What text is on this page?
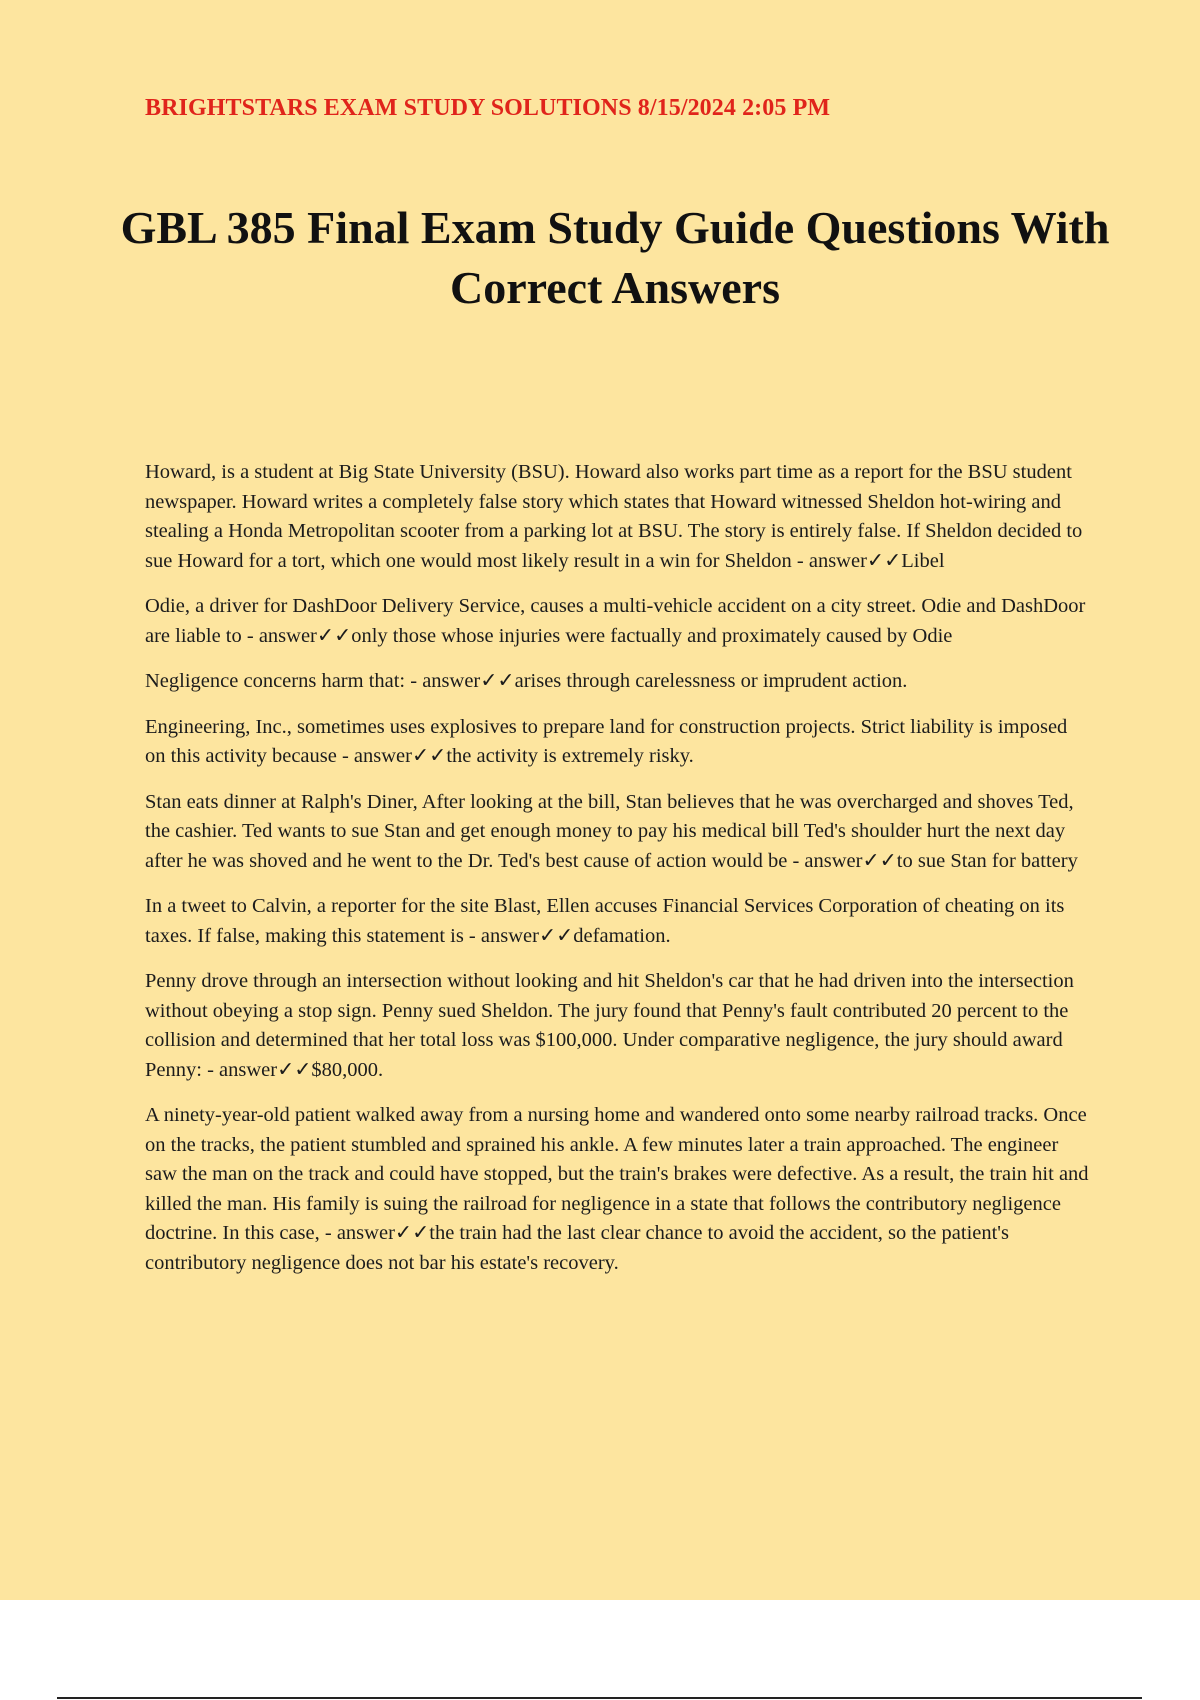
BRIGHTSTARS EXAM STUDY SOLUTIONS 8/15/2024 2:05 PM
GBL 385 Final Exam Study Guide Questions With Correct Answers

Howard, is a student at Big State University (BSU). Howard also works part time as a report for the BSU student newspaper. Howard writes a completely false story which states that Howard witnessed Sheldon hot-wiring and stealing a Honda Metropolitan scooter from a parking lot at BSU. The story is entirely false. If Sheldon decided to sue Howard for a tort, which one would most likely result in a win for Sheldon - answer✓✓Libel

Odie, a driver for DashDoor Delivery Service, causes a multi-vehicle accident on a city street. Odie and DashDoor are liable to - answer✓✓only those whose injuries were factually and proximately caused by Odie

Negligence concerns harm that: - answer✓✓arises through carelessness or imprudent action.

Engineering, Inc., sometimes uses explosives to prepare land for construction projects. Strict liability is imposed on this activity because - answer✓✓the activity is extremely risky.

Stan eats dinner at Ralph's Diner, After looking at the bill, Stan believes that he was overcharged and shoves Ted, the cashier. Ted wants to sue Stan and get enough money to pay his medical bill Ted's shoulder hurt the next day after he was shoved and he went to the Dr. Ted's best cause of action would be - answer✓✓to sue Stan for battery

In a tweet to Calvin, a reporter for the site Blast, Ellen accuses Financial Services Corporation of cheating on its taxes. If false, making this statement is - answer✓✓defamation.

Penny drove through an intersection without looking and hit Sheldon's car that he had driven into the intersection without obeying a stop sign. Penny sued Sheldon. The jury found that Penny's fault contributed 20 percent to the collision and determined that her total loss was $100,000. Under comparative negligence, the jury should award Penny: - answer✓✓$80,000.

A ninety-year-old patient walked away from a nursing home and wandered onto some nearby railroad tracks. Once on the tracks, the patient stumbled and sprained his ankle. A few minutes later a train approached. The engineer saw the man on the track and could have stopped, but the train's brakes were defective. As a result, the train hit and killed the man. His family is suing the railroad for negligence in a state that follows the contributory negligence doctrine. In this case, - answer✓✓the train had the last clear chance to avoid the accident, so the patient's contributory negligence does not bar his estate's recovery.
